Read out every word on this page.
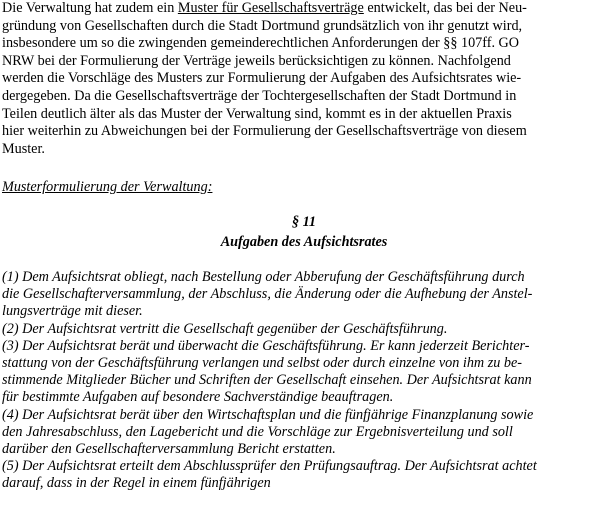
Die Verwaltung hat zudem ein Muster für Gesellschaftsverträge entwickelt, das bei der Neu-
gründung von Gesellschaften durch die Stadt Dortmund grundsätzlich von ihr genutzt wird,
insbesondere um so die zwingenden gemeinderechtlichen Anforderungen der §§ 107ff. GO
NRW bei der Formulierung der Verträge jeweils berücksichtigen zu können. Nachfolgend
werden die Vorschläge des Musters zur Formulierung der Aufgaben des Aufsichtsrates wie-
dergegeben. Da die Gesellschaftsverträge der Tochtergesellschaften der Stadt Dortmund in
Teilen deutlich älter als das Muster der Verwaltung sind, kommt es in der aktuellen Praxis
hier weiterhin zu Abweichungen bei der Formulierung der Gesellschaftsverträge von diesem
Muster.

Musterformulierung der Verwaltung:

§ 11

Aufgaben des Aufsichtsrates

(1) Dem Aufsichtsrat obliegt, nach Bestellung oder Abberufung der Geschäftsführung durch
die Gesellschafterversammlung, der Abschluss, die Änderung oder die Aufhebung der Anstel-
lungsverträge mit dieser.
(2) Der Aufsichtsrat vertritt die Gesellschaft gegenüber der Geschäftsführung.
(3) Der Aufsichtsrat berät und überwacht die Geschäftsführung. Er kann jederzeit Berichter-
stattung von der Geschäftsführung verlangen und selbst oder durch einzelne von ihm zu be-
stimmende Mitglieder Bücher und Schriften der Gesellschaft einsehen. Der Aufsichtsrat kann
für bestimmte Aufgaben auf besondere Sachverständige beauftragen.
(4) Der Aufsichtsrat berät über den Wirtschaftsplan und die fünfjährige Finanzplanung sowie
den Jahresabschluss, den Lagebericht und die Vorschläge zur Ergebnisverteilung und soll
darüber den Gesellschafterversammlung Bericht erstatten.
(5) Der Aufsichtsrat erteilt dem Abschlussprüfer den Prüfungsauftrag. Der Aufsichtsrat achtet
darauf, dass in der Regel in einem fünfjährigen
